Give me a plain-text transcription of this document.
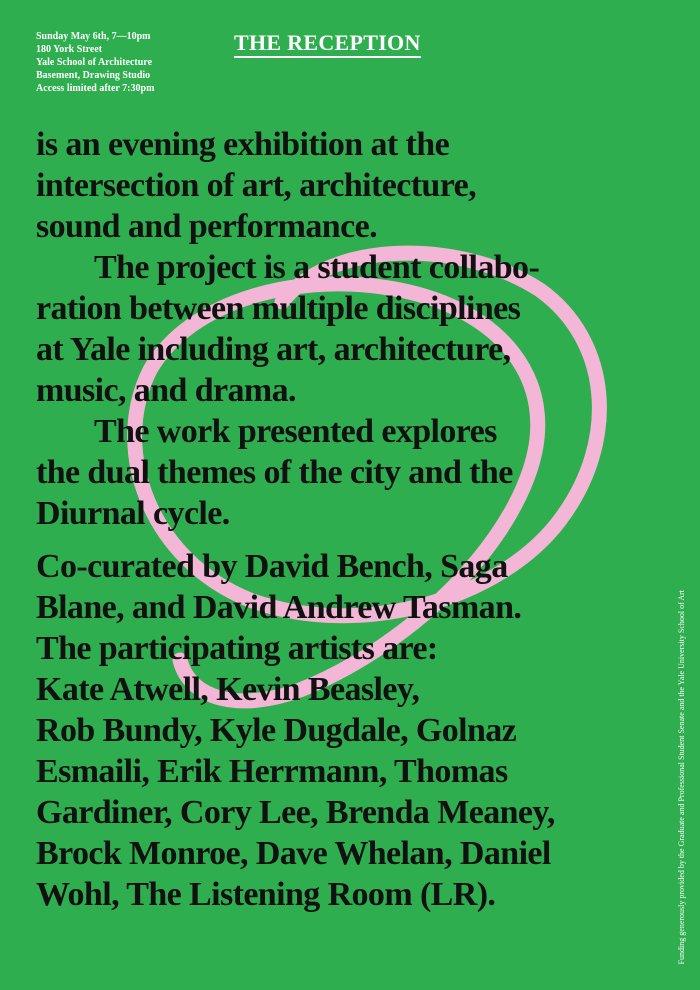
Sunday May 6th, 7—10pm
180 York Street
Yale School of Architecture
Basement, Drawing Studio
Access limited after 7:30pm
THE RECEPTION

is an evening exhibition at the
intersection of art, architecture,
sound and performance.

The project is a student collabo-
ration between multiple disciplines
at Yale including art, architecture,
music, and drama.

The work presented explores
the dual themes of the city and the
Diurnal cycle.

Co-curated by David Bench, Saga
Blane, and David Andrew Tasman.
The participating artists are:
Kate Atwell, Kevin Beasley,
Rob Bundy, Kyle Dugdale, Golnaz
Esmaili, Erik Herrmann, Thomas
Gardiner, Cory Lee, Brenda Meaney,
Brock Monroe, Dave Whelan, Daniel
Wohl, The Listening Room (LR).	Funding generously provided by the Graduate and Professional Student Senate and the Yale University School of Art
